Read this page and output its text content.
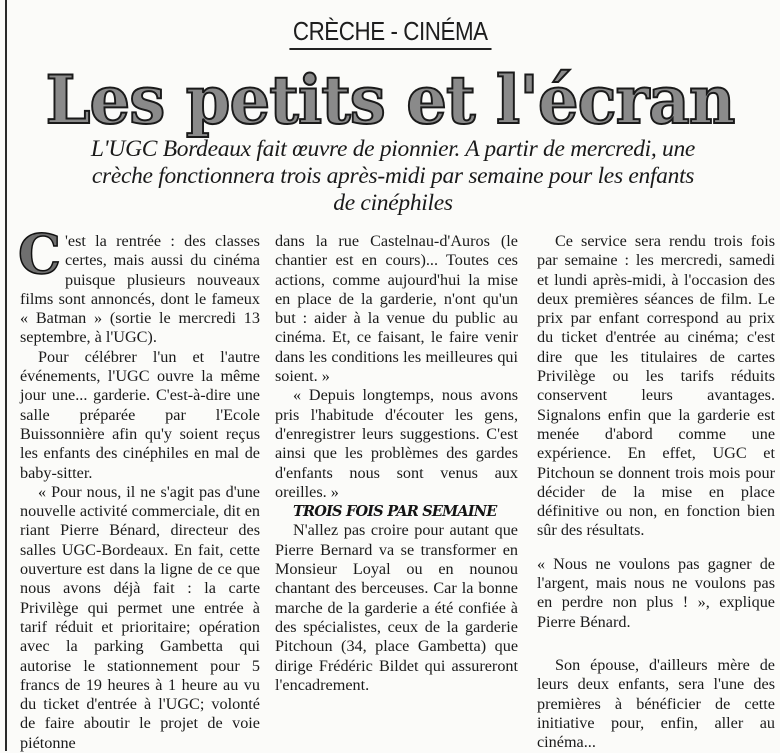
CRÈCHE - CINÉMA
Les petits et l'écran
L'UGC Bordeaux fait œuvre de pionnier. A partir de mercredi, une
crèche fonctionnera trois après-midi par semaine pour les enfants
de cinéphiles

C 'est la rentrée : des classes certes, mais aussi du cinéma puisque plusieurs nouveaux films sont annoncés, dont le fameux « Batman » (sortie le mercredi 13 septembre, à l'UGC).

Pour célébrer l'un et l'autre événements, l'UGC ouvre la même jour une... garderie. C'est-à-dire une salle préparée par l'Ecole Buissonnière afin qu'y soient reçus les enfants des cinéphiles en mal de baby-sitter.

« Pour nous, il ne s'agit pas d'une nouvelle activité commerciale, dit en riant Pierre Bénard, directeur des salles UGC-Bordeaux. En fait, cette ouverture est dans la ligne de ce que nous avons déjà fait : la carte Privilège qui permet une entrée à tarif réduit et prioritaire; opération avec la parking Gambetta qui autorise le stationnement pour 5 francs de 19 heures à 1 heure au vu du ticket d'entrée à l'UGC; volonté de faire aboutir le projet de voie piétonne

dans la rue Castelnau-d'Auros (le chantier est en cours)... Toutes ces actions, comme aujourd'hui la mise en place de la garderie, n'ont qu'un but : aider à la venue du public au cinéma. Et, ce faisant, le faire venir dans les conditions les meilleures qui soient. »

« Depuis longtemps, nous avons pris l'habitude d'écouter les gens, d'enregistrer leurs suggestions. C'est ainsi que les problèmes des gardes d'enfants nous sont venus aux oreilles. »

TROIS FOIS PAR SEMAINE

N'allez pas croire pour autant que Pierre Bernard va se transformer en Monsieur Loyal ou en nounou chantant des berceuses. Car la bonne marche de la garderie a été confiée à des spécialistes, ceux de la garderie Pitchoun (34, place Gambetta) que dirige Frédéric Bildet qui assureront l'encadrement.

Ce service sera rendu trois fois par semaine : les mercredi, samedi et lundi après-midi, à l'occasion des deux premières séances de film. Le prix par enfant correspond au prix du ticket d'entrée au cinéma; c'est dire que les titulaires de cartes Privilège ou les tarifs réduits conservent leurs avantages. Signalons enfin que la garderie est menée d'abord comme une expérience. En effet, UGC et Pitchoun se donnent trois mois pour décider de la mise en place définitive ou non, en fonction bien sûr des résultats.

« Nous ne voulons pas gagner de l'argent, mais nous ne voulons pas en perdre non plus ! », explique Pierre Bénard.

Son épouse, d'ailleurs mère de leurs deux enfants, sera l'une des premières à bénéficier de cette initiative pour, enfin, aller au cinéma...
